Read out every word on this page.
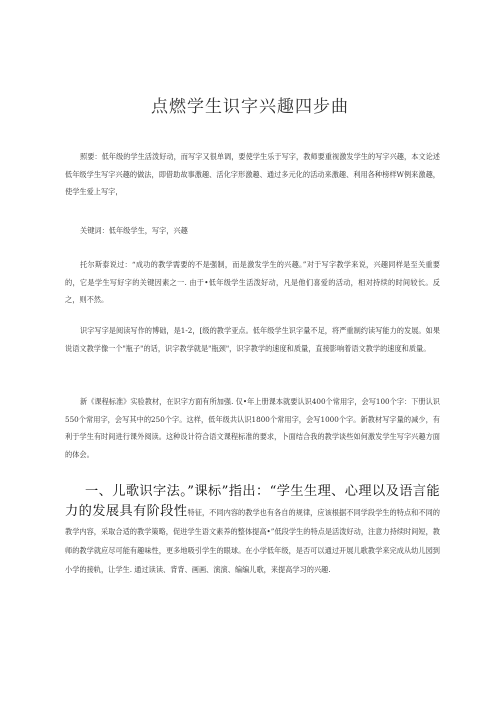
点燃学生识字兴趣四步曲

照要：低年级的学生活泼好动，而写字又很单调，要使学生乐于写字，教师要重视激发学生的写字兴趣，本文论述低年级学生写字兴趣的做法，即借助故事激趣、活化字形激趣、通过多元化的活动来激趣、利用各种榜样W例来激趣，使学生爱上写字，

关键词：低年级学生，写字，兴趣

托尔斯泰说过：“成功的教学需要的不是强制，而是激发学生的兴趣。”对于写字教学来说，兴趣同样是至关重要的，它是学生写好字的关键因素之一. 由于•低年级学生活泼好动，凡是他们喜爱的活动，相对持续的时间较长。反之，则不然。

识字写字是阅读写作的博础，是1-2，[级的教学亚点。低年级学生识字量不足，将严重制约读写能力的发展。如果说语文教学像一个"瓶子"的话，识字教学就是"瓶颈"，识字教学的速度和质量，直接影响着语文教学的速度和质量。

新《课程标准》实验教材，在识字方面有所加强. 仅•年上册课本就要认识400个常用字，会写100个字：下册认识550个常用字，会写其中的250个字。这样，低年级共认识1800个常用字，会写1000个字。新教材写字量的减少，有利于学生有时间进行课外阅读。这种设计符合语文课程标准的要求，卜面结合我的教学谈些如何激发学生写字兴趣方面的体会。

一、儿歌识字法。”课标”指出：“学生生理、心理以及语言能力的发展具有阶段性特征，不同内容的教学也有各自的规律，应该根据不同学段学生的特点和不同的教学内容，采取合适的教学策略，促进学生语文素养的整体提高•”低段学生的特点是活泼好动，注意力持续时间短，教师的教学就应尽可能有趣味性，更多地吸引学生的眼球。在小学低年级，是否可以通过开展儿歌教学来完成从幼儿园到小学的接轨，让学生. 通过读读、背背、画画、演演、编编儿歌，来提高学习的兴趣.
